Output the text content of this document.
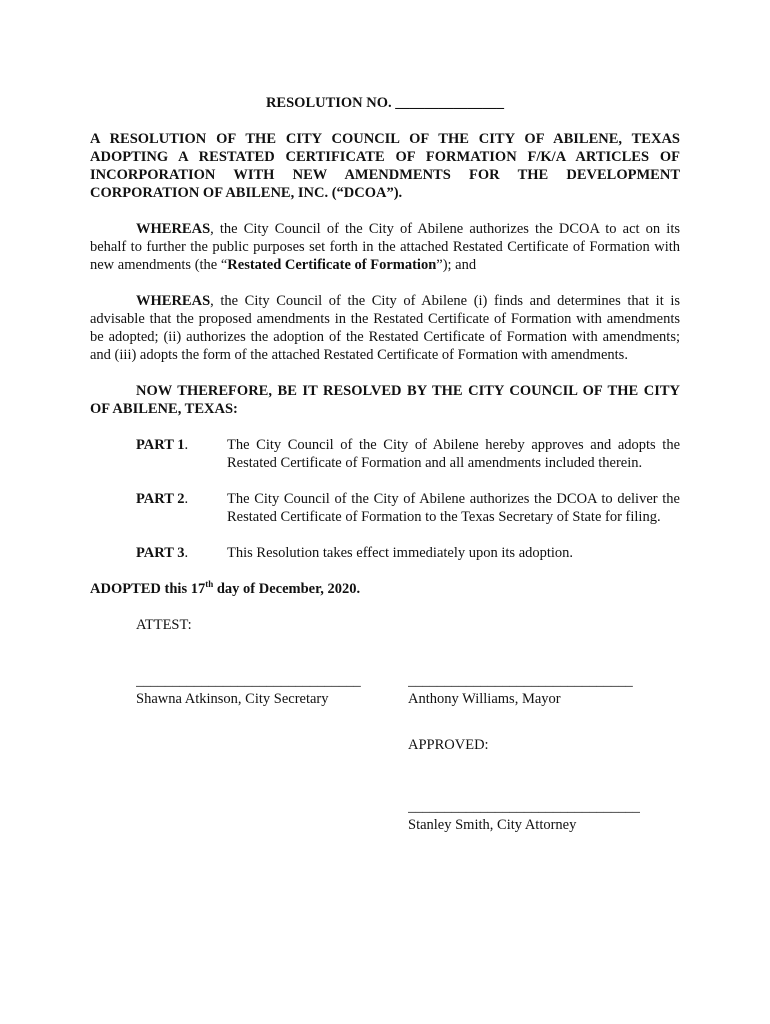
RESOLUTION NO. _______________

A RESOLUTION OF THE CITY COUNCIL OF THE CITY OF ABILENE, TEXAS ADOPTING A RESTATED CERTIFICATE OF FORMATION F/K/A ARTICLES OF INCORPORATION WITH NEW AMENDMENTS FOR THE DEVELOPMENT CORPORATION OF ABILENE, INC. (“DCOA”).

WHEREAS, the City Council of the City of Abilene authorizes the DCOA to act on its behalf to further the public purposes set forth in the attached Restated Certificate of Formation with new amendments (the “Restated Certificate of Formation”); and

WHEREAS, the City Council of the City of Abilene (i) finds and determines that it is advisable that the proposed amendments in the Restated Certificate of Formation with amendments be adopted; (ii) authorizes the adoption of the Restated Certificate of Formation with amendments; and (iii) adopts the form of the attached Restated Certificate of Formation with amendments.

NOW THEREFORE, BE IT RESOLVED BY THE CITY COUNCIL OF THE CITY OF ABILENE, TEXAS:

PART 1.	The City Council of the City of Abilene hereby approves and adopts the Restated Certificate of Formation and all amendments included therein.
PART 2.	The City Council of the City of Abilene authorizes the DCOA to deliver the Restated Certificate of Formation to the Texas Secretary of State for filing.
PART 3.	This Resolution takes effect immediately upon its adoption.

ADOPTED this 17th day of December, 2020.

ATTEST:

_______________________________
Shawna Atkinson, City Secretary
_______________________________
Anthony Williams, Mayor
APPROVED:
________________________________
Stanley Smith, City Attorney
